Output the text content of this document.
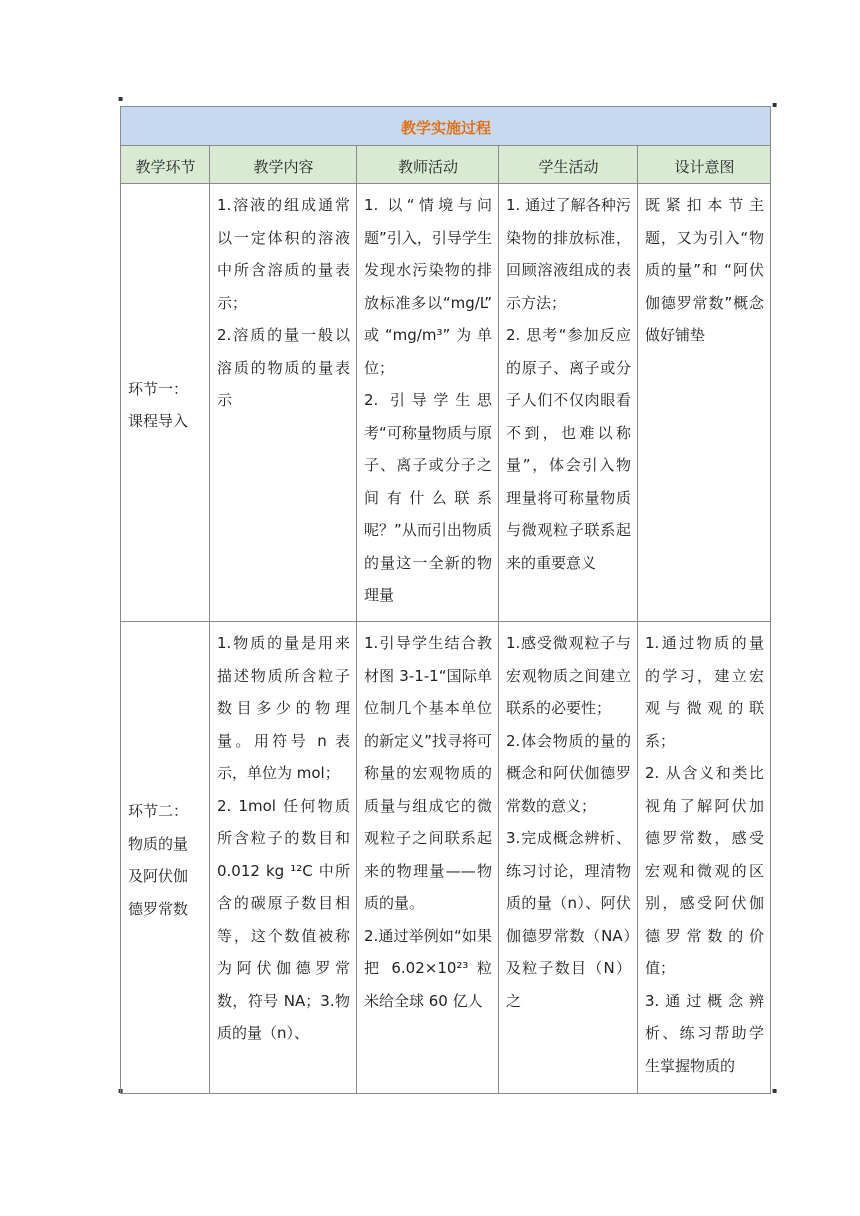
▪
▪
▪	▪
教学实施过程				
教学环节	教学内容	教师活动	学生活动	设计意图

环节一：
课程导入	1.溶液的组成通常以一定体积的溶液中所含溶质的量表示；
2.溶质的量一般以溶质的物质的量表示	1. 以“情境与问题”引入，引导学生发现水污染物的排放标准多以“mg/L” 或“mg/m³”为单位；
2. 引导学生思考“可称量物质与原子、离子或分子之间有什么联系呢？”从而引出物质的量这一全新的物理量	1. 通过了解各种污染物的排放标准，回顾溶液组成的表示方法；
2. 思考“参加反应的原子、离子或分子人们不仅肉眼看不到，也难以称量”，体会引入物理量将可称量物质与微观粒子联系起来的重要意义	既紧扣本节主题，又为引入“物质的量”和 “阿伏伽德罗常数”概念做好铺垫

环节二：
物质的量
及阿伏伽
德罗常数	1.物质的量是用来描述物质所含粒子数目多少的物理量。用符号 n 表示，单位为 mol；
2. 1mol 任何物质所含粒子的数目和 0.012 kg ¹²C 中所含的碳原子数目相等，这个数值被称为阿伏伽德罗常数，符号 NA；3.物质的量（n）、	1.引导学生结合教材图 3-1-1“国际单位制几个基本单位的新定义”找寻将可称量的宏观物质的质量与组成它的微观粒子之间联系起来的物理量——物质的量。
2.通过举例如“如果把 6.02×10²³ 粒米给全球 60 亿人	1.感受微观粒子与宏观物质之间建立联系的必要性；
2.体会物质的量的概念和阿伏伽德罗常数的意义；
3.完成概念辨析、练习讨论，理清物质的量（n）、阿伏伽德罗常数（NA）及粒子数目（N）之	1.通过物质的量的学习，建立宏观与微观的联系；
2. 从含义和类比视角了解阿伏加德罗常数，感受宏观和微观的区别，感受阿伏伽德罗常数的价值；
3.通过概念辨析、练习帮助学生掌握物质的
